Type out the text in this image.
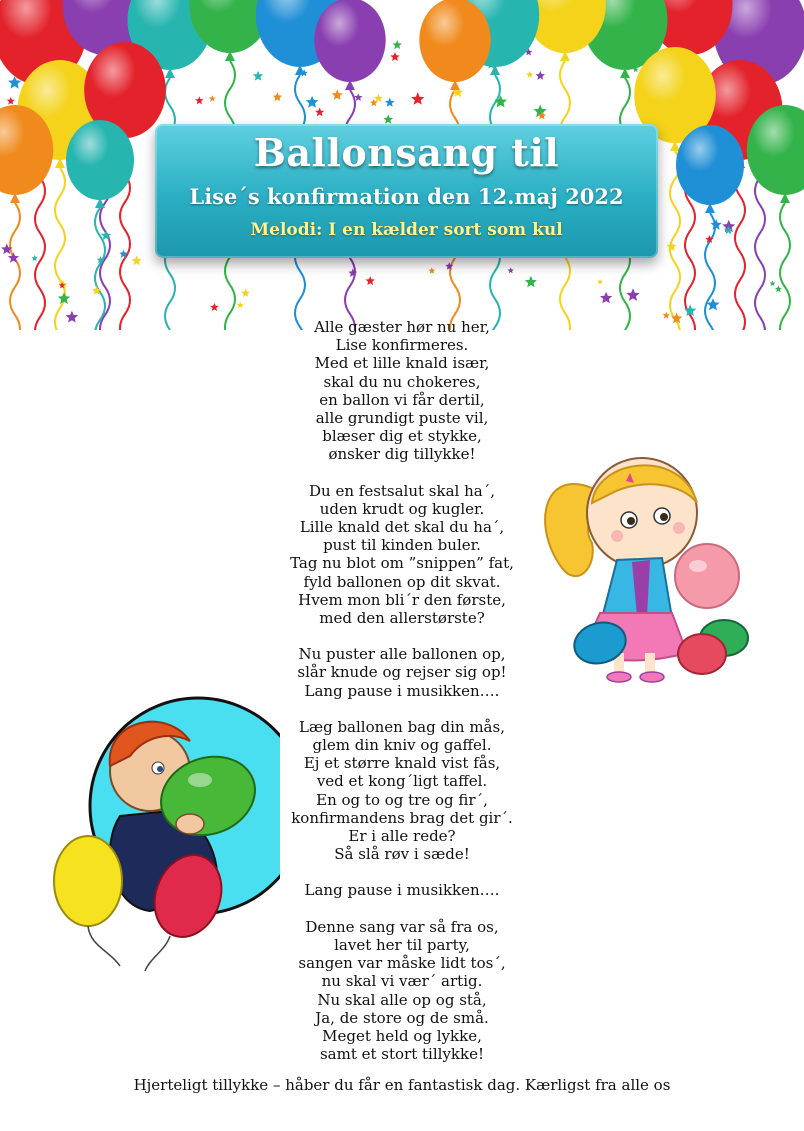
Ballonsang til
Lise´s konfirmation den 12.maj 2022
Melodi: I en kælder sort som kul
Alle gæster hør nu her,
Lise konfirmeres.
Med et lille knald især,
skal du nu chokeres,
en ballon vi får dertil,
alle grundigt puste vil,
blæser dig et stykke,
ønsker dig tillykke!
Du en festsalut skal ha´,
uden krudt og kugler.
Lille knald det skal du ha´,
pust til kinden buler.
Tag nu blot om ”snippen” fat,
fyld ballonen op dit skvat.
Hvem mon bli´r den første,
med den allerstørste?
Nu puster alle ballonen op,
slår knude og rejser sig op!
Lang pause i musikken….
Læg ballonen bag din mås,
glem din kniv og gaffel.
Ej et større knald vist fås,
ved et kong´ligt taffel.
En og to og tre og fir´,
konfirmandens brag det gir´.
Er i alle rede?
Så slå røv i sæde!
Lang pause i musikken….
Denne sang var så fra os,
lavet her til party,
sangen var måske lidt tos´,
nu skal vi vær´ artig.
Nu skal alle op og stå,
Ja, de store og de små.
Meget held og lykke,
samt et stort tillykke!
Hjerteligt tillykke – håber du får en fantastisk dag. Kærligst fra alle os
